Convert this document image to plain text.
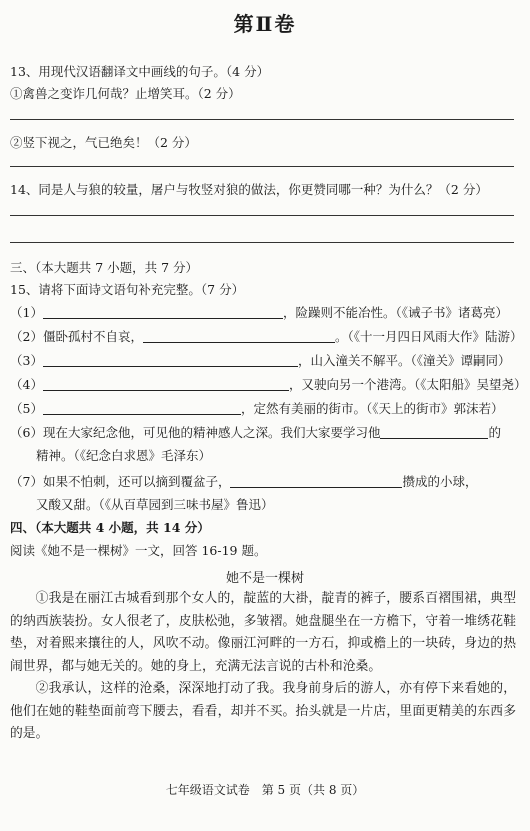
第Ⅱ卷
13、用现代汉语翻译文中画线的句子。（4 分）
①禽兽之变诈几何哉？止增笑耳。（2 分）
②竖下视之，气已绝矣！（2 分）
14、同是人与狼的较量，屠户与牧竖对狼的做法，你更赞同哪一种？为什么？（2 分）
三、（本大题共 7 小题，共 7 分）
15、请将下面诗文语句补充完整。（7 分）
（1）	，险躁则不能冶性。（《诫子书》诸葛亮）
（2）僵卧孤村不自哀，	。（《十一月四日风雨大作》陆游）
（3）	，山入潼关不解平。（《潼关》谭嗣同）
（4）	，又驶向另一个港湾。（《太阳船》吴望尧）
（5）	，定然有美丽的街市。（《天上的街市》郭沫若）
（6）现在大家纪念他，可见他的精神感人之深。我们大家要学习他	的
精神。（《纪念白求恩》毛泽东）
（7）如果不怕刺，还可以摘到覆盆子，	攒成的小球，
又酸又甜。（《从百草园到三味书屋》鲁迅）
四、（本大题共 4 小题，共 14 分）
阅读《她不是一棵树》一文，回答 16-19 题。
她不是一棵树
①我是在丽江古城看到那个女人的，靛蓝的大褂，靛青的裤子，腰系百褶围裙，典型的纳西族装扮。女人很老了，皮肤松弛，多皱褶。她盘腿坐在一方檐下，守着一堆绣花鞋垫，对着熙来攘往的人，风吹不动。像丽江河畔的一方石，抑或檐上的一块砖，身边的热闹世界，都与她无关的。她的身上，充满无法言说的古朴和沧桑。
②我承认，这样的沧桑，深深地打动了我。我身前身后的游人，亦有停下来看她的，他们在她的鞋垫面前弯下腰去，看看，却并不买。抬头就是一片店，里面更精美的东西多的是。
七年级语文试卷　第 5 页（共 8 页）
